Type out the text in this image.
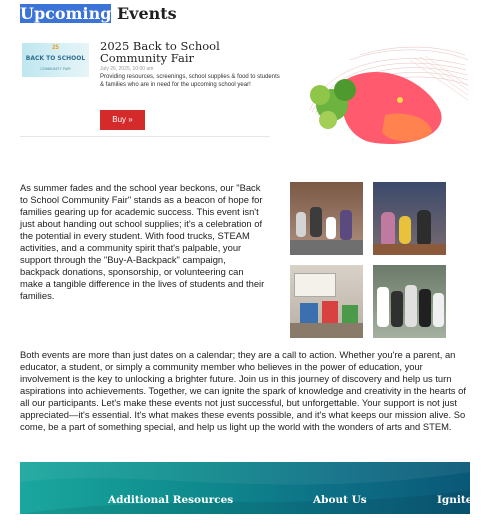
Upcoming Events
25
BACK TO SCHOOL
COMMUNITY FAIR
2025 Back to School Community Fair
July 26, 2025, 10:00 am
Providing resources, screenings, school supplies & food to students & families who are in need for the upcoming school year!
Buy »
As summer fades and the school year beckons, our "Back to School Community Fair" stands as a beacon of hope for families gearing up for academic success. This event isn't just about handing out school supplies; it's a celebration of the potential in every student. With food trucks, STEAM activities, and a community spirit that's palpable, your support through the "Buy-A-Backpack" campaign, backpack donations, sponsorship, or volunteering can make a tangible difference in the lives of students and their families.
Both events are more than just dates on a calendar; they are a call to action. Whether you're a parent, an educator, a student, or simply a community member who believes in the power of education, your involvement is the key to unlocking a brighter future. Join us in this journey of discovery and help us turn aspirations into achievements. Together, we can ignite the spark of knowledge and creativity in the hearts of all our participants. Let's make these events not just successful, but unforgettable. Your support is not just appreciated—it's essential. It's what makes these events possible, and it's what keeps our mission alive. So come, be a part of something special, and help us light up the world with the wonders of arts and STEM.
Additional Resources	About Us	Ignite
